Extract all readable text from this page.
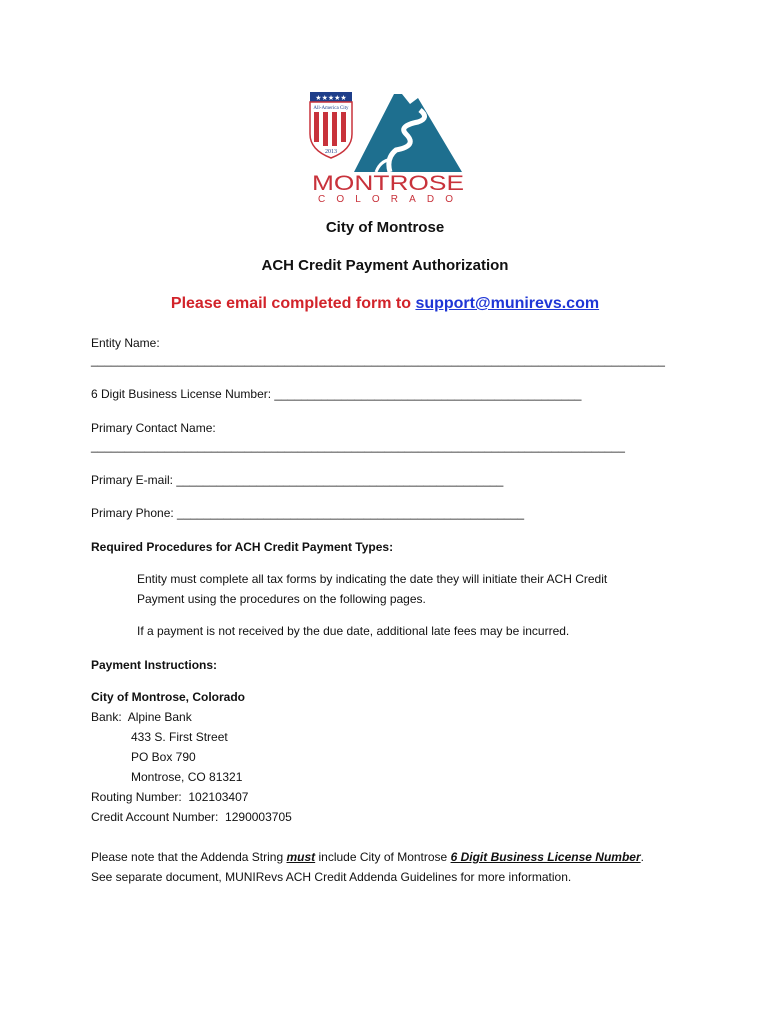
★★★★★
All-America City
2013
MONTROSE
COLORADO
City of Montrose
ACH Credit Payment Authorization
Please email completed form to support@munirevs.com
Entity Name:
______________________________________________________________________________________
6 Digit Business License Number: ______________________________________________
Primary Contact Name:
________________________________________________________________________________
Primary E-mail: _________________________________________________
Primary Phone: ____________________________________________________
Required Procedures for ACH Credit Payment Types:
Entity must complete all tax forms by indicating the date they will initiate their ACH Credit
Payment using the procedures on the following pages.
If a payment is not received by the due date, additional late fees may be incurred.
Payment Instructions:
City of Montrose, Colorado
Bank:  Alpine Bank
433 S. First Street
PO Box 790
Montrose, CO 81321
Routing Number:  102103407
Credit Account Number:  1290003705
Please note that the Addenda String must include City of Montrose 6 Digit Business License Number.
See separate document, MUNIRevs ACH Credit Addenda Guidelines for more information.
